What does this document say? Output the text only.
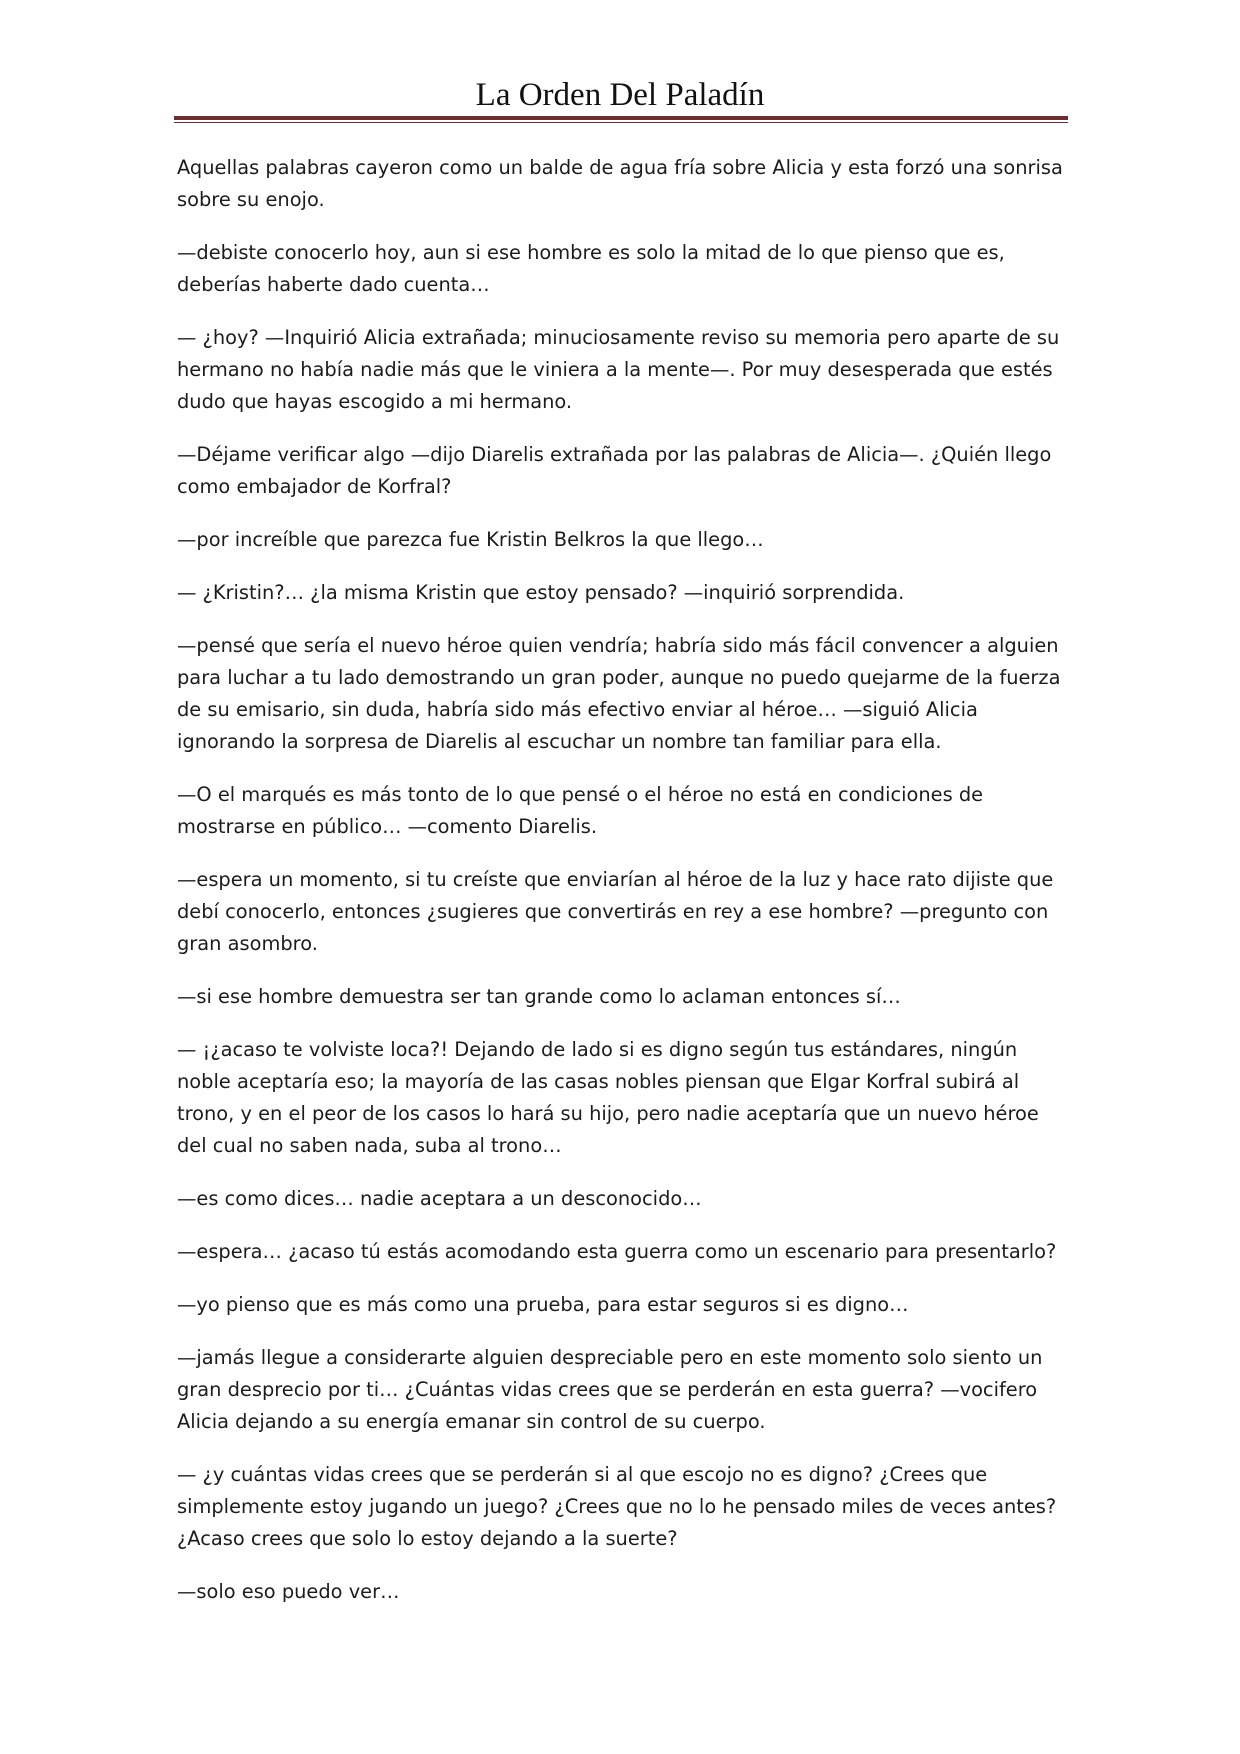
La Orden Del Paladín

Aquellas palabras cayeron como un balde de agua fría sobre Alicia y esta forzó una sonrisa sobre su enojo.

—debiste conocerlo hoy, aun si ese hombre es solo la mitad de lo que pienso que es, deberías haberte dado cuenta…

— ¿hoy? —Inquirió Alicia extrañada; minuciosamente reviso su memoria pero aparte de su hermano no había nadie más que le viniera a la mente—. Por muy desesperada que estés dudo que hayas escogido a mi hermano.

—Déjame verificar algo —dijo Diarelis extrañada por las palabras de Alicia—. ¿Quién llego como embajador de Korfral?

—por increíble que parezca fue Kristin Belkros la que llego…

— ¿Kristin?… ¿la misma Kristin que estoy pensado? —inquirió sorprendida.

—pensé que sería el nuevo héroe quien vendría; habría sido más fácil convencer a alguien para luchar a tu lado demostrando un gran poder, aunque no puedo quejarme de la fuerza de su emisario, sin duda, habría sido más efectivo enviar al héroe… —siguió Alicia ignorando la sorpresa de Diarelis al escuchar un nombre tan familiar para ella.

—O el marqués es más tonto de lo que pensé o el héroe no está en condiciones de mostrarse en público… —comento Diarelis.

—espera un momento, si tu creíste que enviarían al héroe de la luz y hace rato dijiste que debí conocerlo, entonces ¿sugieres que convertirás en rey a ese hombre? —pregunto con gran asombro.

—si ese hombre demuestra ser tan grande como lo aclaman entonces sí…

— ¡¿acaso te volviste loca?! Dejando de lado si es digno según tus estándares, ningún noble aceptaría eso; la mayoría de las casas nobles piensan que Elgar Korfral subirá al trono, y en el peor de los casos lo hará su hijo, pero nadie aceptaría que un nuevo héroe del cual no saben nada, suba al trono…

—es como dices… nadie aceptara a un desconocido…

—espera… ¿acaso tú estás acomodando esta guerra como un escenario para presentarlo?

—yo pienso que es más como una prueba, para estar seguros si es digno…

—jamás llegue a considerarte alguien despreciable pero en este momento solo siento un gran desprecio por ti… ¿Cuántas vidas crees que se perderán en esta guerra? —vocifero Alicia dejando a su energía emanar sin control de su cuerpo.

— ¿y cuántas vidas crees que se perderán si al que escojo no es digno? ¿Crees que simplemente estoy jugando un juego? ¿Crees que no lo he pensado miles de veces antes? ¿Acaso crees que solo lo estoy dejando a la suerte?

—solo eso puedo ver…
